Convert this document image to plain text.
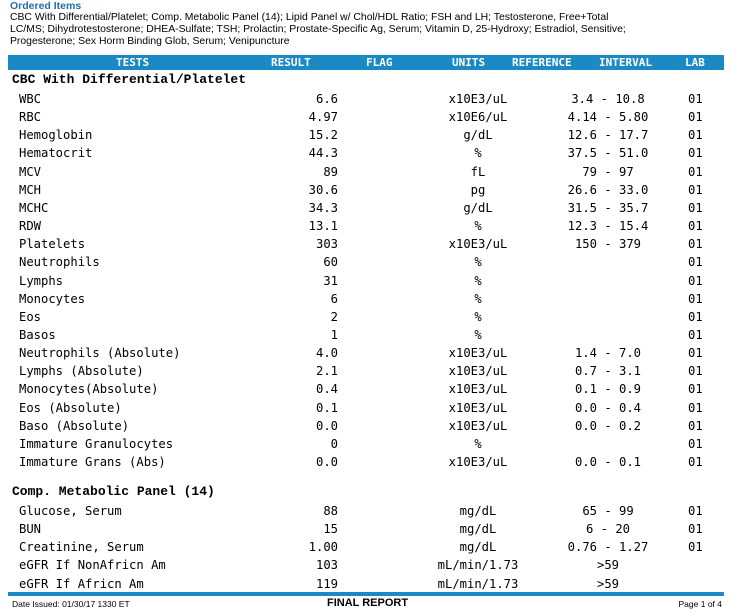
Ordered Items
CBC With Differential/Platelet; Comp. Metabolic Panel (14); Lipid Panel w/ Chol/HDL Ratio; FSH and LH; Testosterone, Free+Total
LC/MS; Dihydrotestosterone; DHEA-Sulfate; TSH; Prolactin; Prostate-Specific Ag, Serum; Vitamin D, 25-Hydroxy; Estradiol, Sensitive;
Progesterone; Sex Horm Binding Glob, Serum; Venipuncture
TESTS	RESULT	FLAG	UNITS REFERENCE INTERVAL	LAB
CBC With Differential/Platelet
WBC	6.6	x10E3/uL	3.4 - 10.8	01
RBC	4.97	x10E6/uL	4.14 - 5.80	01
Hemoglobin	15.2	g/dL	12.6 - 17.7	01
Hematocrit	44.3	%	37.5 - 51.0	01
MCV	89	fL	79 - 97	01
MCH	30.6	pg	26.6 - 33.0	01
MCHC	34.3	g/dL	31.5 - 35.7	01
RDW	13.1	%	12.3 - 15.4	01
Platelets	303	x10E3/uL	150 - 379	01
Neutrophils	60	%	01
Lymphs	31	%	01
Monocytes	6	%	01
Eos	2	%	01
Basos	1	%	01
Neutrophils (Absolute)	4.0	x10E3/uL	1.4 - 7.0	01
Lymphs (Absolute)	2.1	x10E3/uL	0.7 - 3.1	01
Monocytes(Absolute)	0.4	x10E3/uL	0.1 - 0.9	01
Eos (Absolute)	0.1	x10E3/uL	0.0 - 0.4	01
Baso (Absolute)	0.0	x10E3/uL	0.0 - 0.2	01
Immature Granulocytes	0	%	01
Immature Grans (Abs)	0.0	x10E3/uL	0.0 - 0.1	01
Comp. Metabolic Panel (14)
Glucose, Serum	88	mg/dL	65 - 99	01
BUN	15	mg/dL	6 - 20	01
Creatinine, Serum	1.00	mg/dL	0.76 - 1.27	01
eGFR If NonAfricn Am	103	mL/min/1.73	>59
eGFR If Africn Am	119	mL/min/1.73	>59
Date Issued: 01/30/17 1330 ET	FINAL REPORT	Page 1 of 4
